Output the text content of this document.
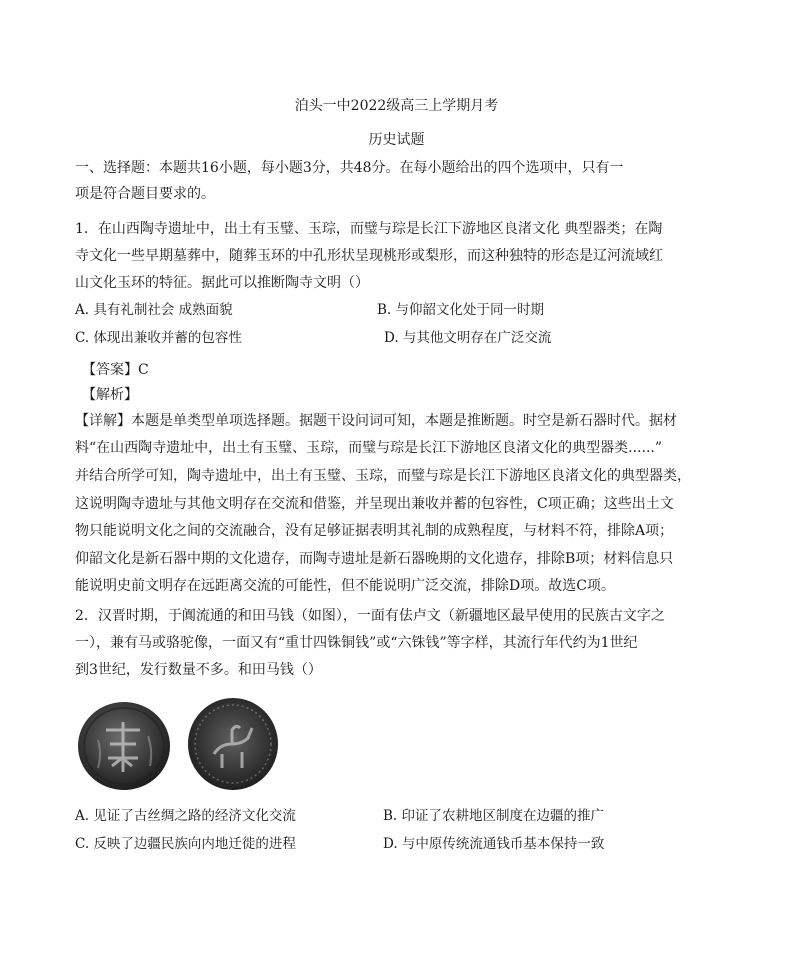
泊头一中2022级高三上学期月考
历史试题
一、选择题：本题共16小题，每小题3分，共48分。在每小题给出的四个选项中，只有一
项是符合题目要求的。
1．在山西陶寺遗址中，出土有玉璧、玉琮，而璧与琮是长江下游地区良渚文化 典型器类；在陶
寺文化一些早期墓葬中，随葬玉环的中孔形状呈现桃形或梨形，而这种独特的形态是辽河流域红
山文化玉环的特征。据此可以推断陶寺文明（）
A. 具有礼制社会 成熟面貌	B. 与仰韶文化处于同一时期
C. 体现出兼收并蓄的包容性	D. 与其他文明存在广泛交流
【答案】C
【解析】
【详解】本题是单类型单项选择题。据题干设问词可知，本题是推断题。时空是新石器时代。据材
料“在山西陶寺遗址中，出土有玉璧、玉琮，而璧与琮是长江下游地区良渚文化的典型器类......”
并结合所学可知，陶寺遗址中，出土有玉璧、玉琮，而璧与琮是长江下游地区良渚文化的典型器类，
这说明陶寺遗址与其他文明存在交流和借鉴，并呈现出兼收并蓄的包容性，C项正确；这些出土文
物只能说明文化之间的交流融合，没有足够证据表明其礼制的成熟程度，与材料不符，排除A项；
仰韶文化是新石器中期的文化遗存，而陶寺遗址是新石器晚期的文化遗存，排除B项；材料信息只
能说明史前文明存在远距离交流的可能性，但不能说明广泛交流，排除D项。故选C项。
2．汉晋时期，于阗流通的和田马钱（如图），一面有佉卢文（新疆地区最早使用的民族古文字之
一），兼有马或骆驼像，一面又有“重廿四铢铜钱”或“六铢钱”等字样，其流行年代约为1世纪
到3世纪，发行数量不多。和田马钱（）
A. 见证了古丝绸之路的经济文化交流	B. 印证了农耕地区制度在边疆的推广
C. 反映了边疆民族向内地迁徙的进程	D. 与中原传统流通钱币基本保持一致
